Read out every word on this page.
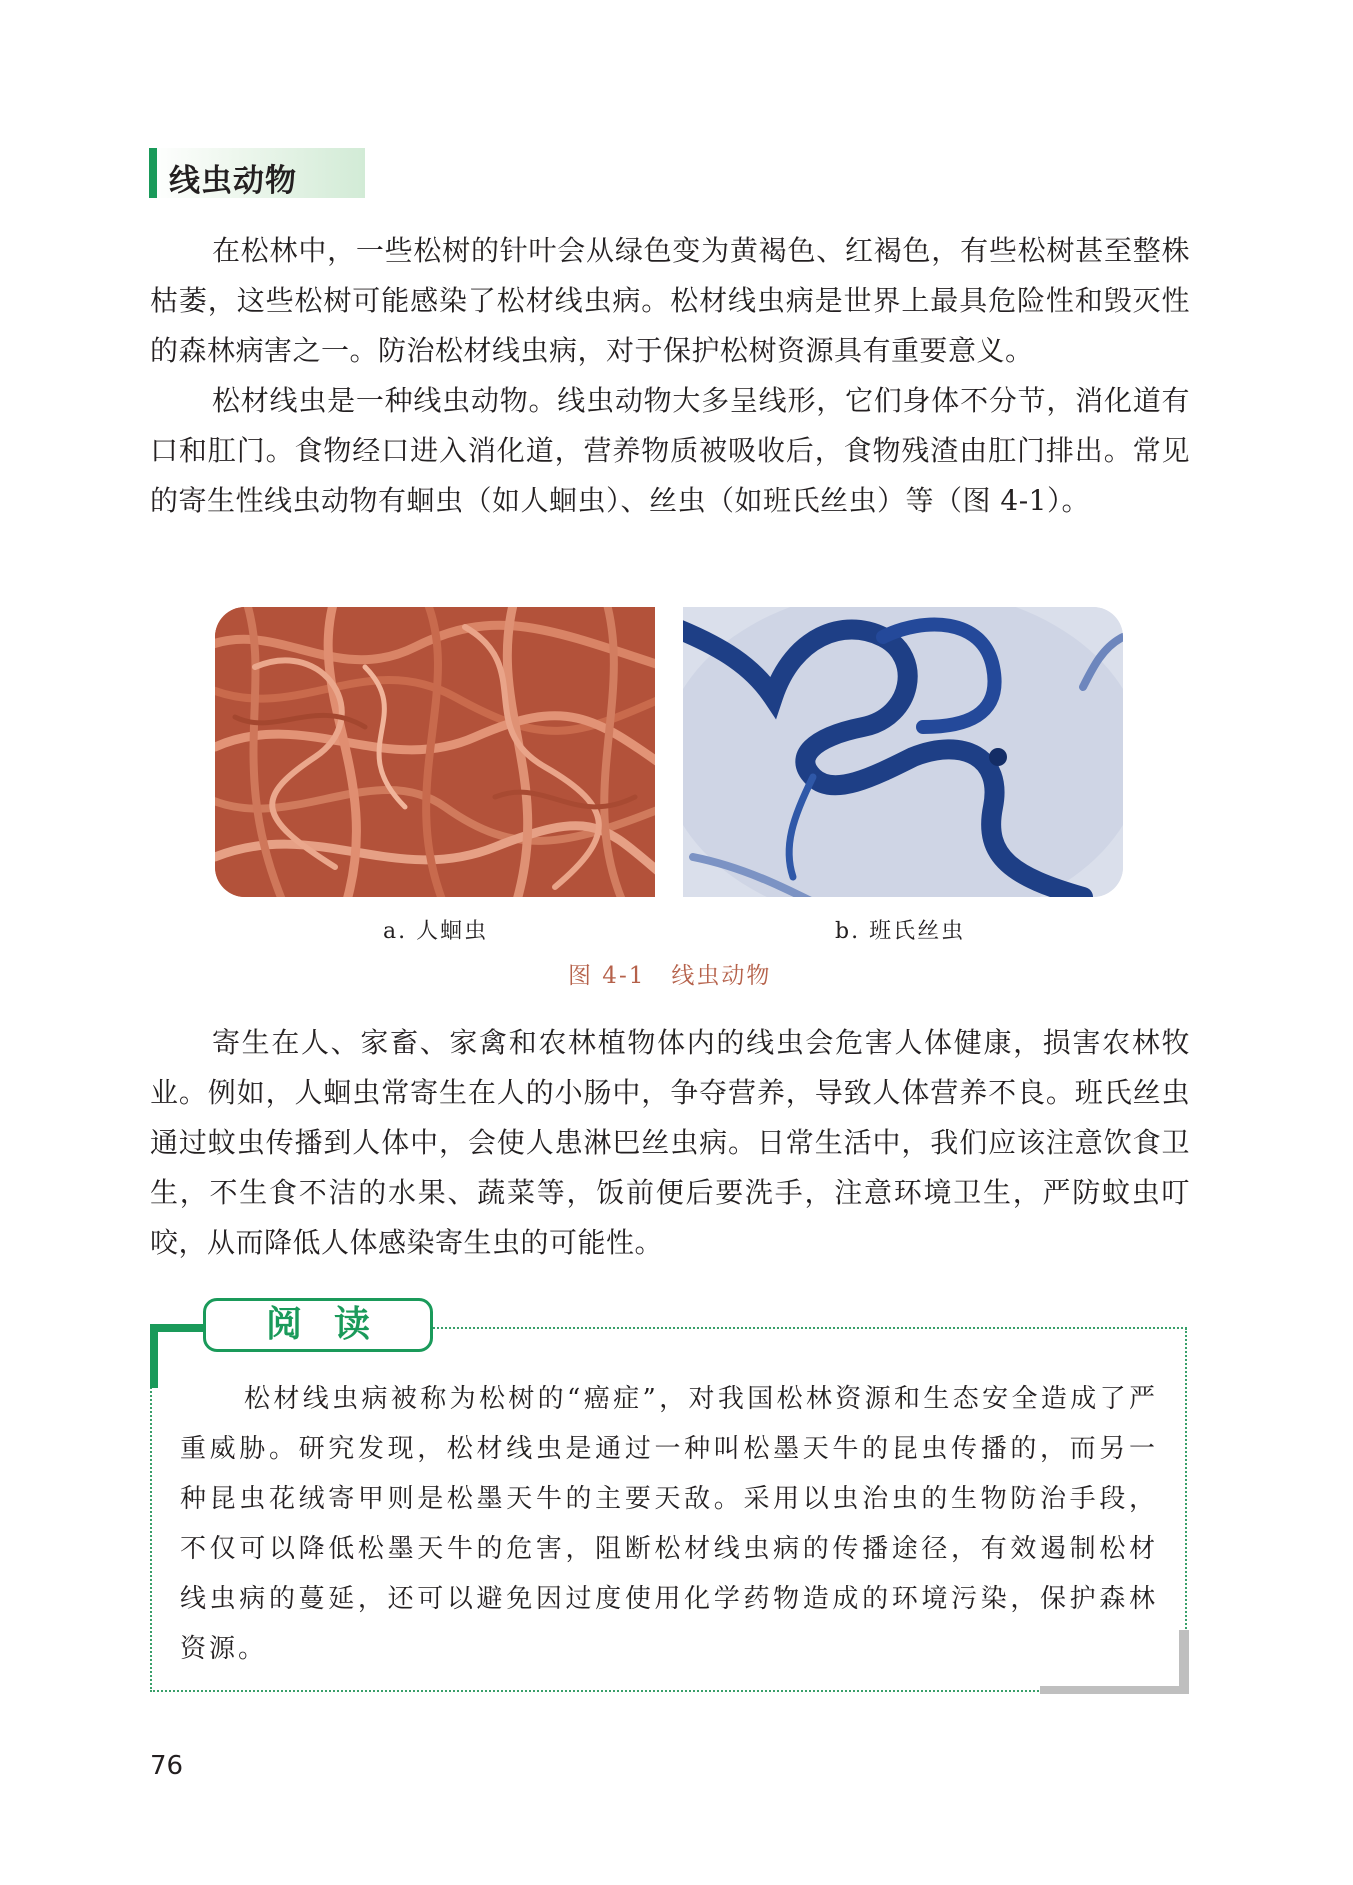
线虫动物

在松林中，一些松树的针叶会从绿色变为黄褐色、红褐色，有些松树甚至整株枯萎，这些松树可能感染了松材线虫病。松材线虫病是世界上最具危险性和毁灭性的森林病害之一。防治松材线虫病，对于保护松树资源具有重要意义。

松材线虫是一种线虫动物。线虫动物大多呈线形，它们身体不分节，消化道有口和肛门。食物经口进入消化道，营养物质被吸收后，食物残渣由肛门排出。常见的寄生性线虫动物有蛔虫（如人蛔虫）、丝虫（如班氏丝虫）等（图 4-1）。

a. 人蛔虫	b. 班氏丝虫
图 4-1 线虫动物

寄生在人、家畜、家禽和农林植物体内的线虫会危害人体健康，损害农林牧业。例如，人蛔虫常寄生在人的小肠中，争夺营养，导致人体营养不良。班氏丝虫通过蚊虫传播到人体中，会使人患淋巴丝虫病。日常生活中，我们应该注意饮食卫生，不生食不洁的水果、蔬菜等，饭前便后要洗手，注意环境卫生，严防蚊虫叮咬，从而降低人体感染寄生虫的可能性。

阅读

松材线虫病被称为松树的“癌症”，对我国松林资源和生态安全造成了严重威胁。研究发现，松材线虫是通过一种叫松墨天牛的昆虫传播的，而另一种昆虫花绒寄甲则是松墨天牛的主要天敌。采用以虫治虫的生物防治手段，不仅可以降低松墨天牛的危害，阻断松材线虫病的传播途径，有效遏制松材线虫病的蔓延，还可以避免因过度使用化学药物造成的环境污染，保护森林资源。

76
